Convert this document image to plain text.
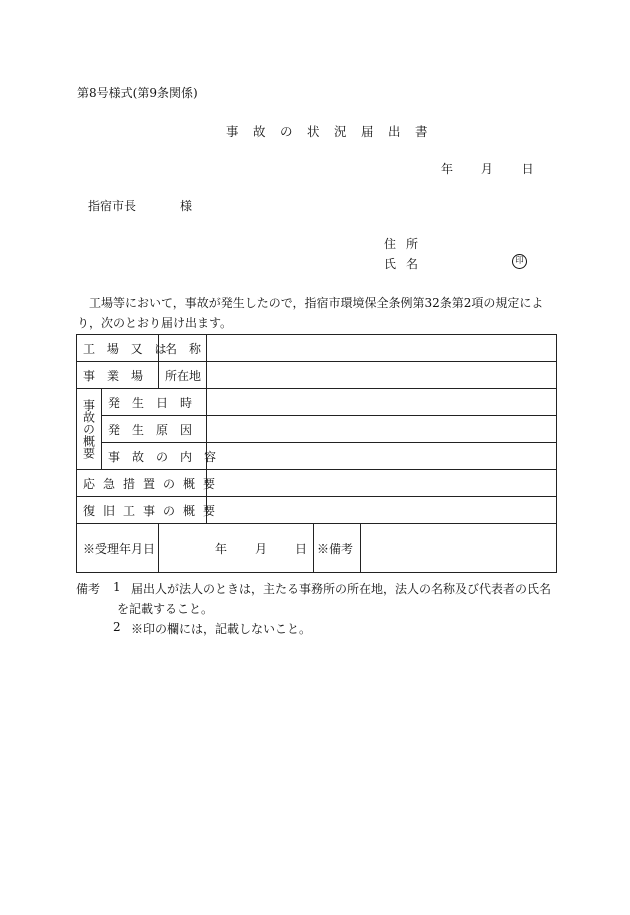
第8号様式(第9条関係)
事故の状況届出書
年 月 日
指宿市長	様
住所
氏名	印
工場等において，事故が発生したので，指宿市環境保全条例第32条第2項の規定により，次のとおり届け出ます。
工 場 又 は		名　称			
事　業　場		所在地			
事故の概要	発　生　日　時				
	発　生　原　因				
	事　故　の　内　容				
応急措置の概要					
復旧工事の概要					
※受理年月日		年 月 日		※備考	
備考 1 届出人が法人のときは，主たる事務所の所在地，法人の名称及び代表者の氏名
を記載すること。
2 ※印の欄には，記載しないこと。
